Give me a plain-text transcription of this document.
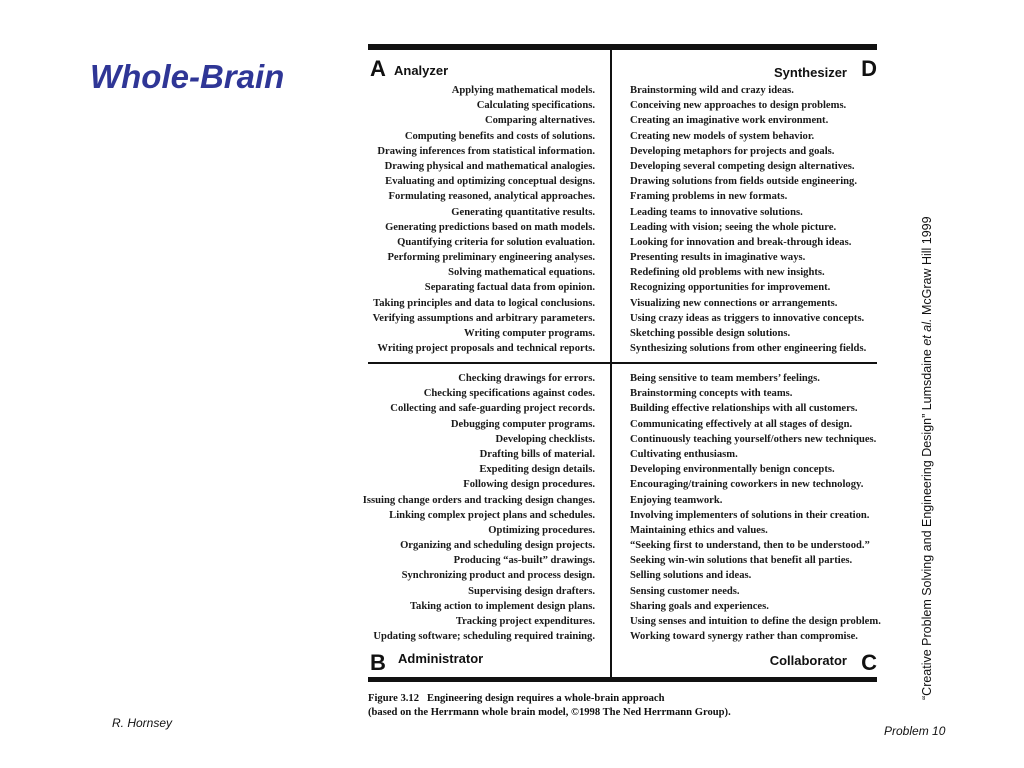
Whole-Brain	A Analyzer	Synthesizer D
Applying mathematical models.
Calculating specifications.
Comparing alternatives.
Computing benefits and costs of solutions.
Drawing inferences from statistical information.
Drawing physical and mathematical analogies.
Evaluating and optimizing conceptual designs.
Formulating reasoned, analytical approaches.
Generating quantitative results.
Generating predictions based on math models.
Quantifying criteria for solution evaluation.
Performing preliminary engineering analyses.
Solving mathematical equations.
Separating factual data from opinion.
Taking principles and data to logical conclusions.
Verifying assumptions and arbitrary parameters.
Writing computer programs.
Writing project proposals and technical reports.
Brainstorming wild and crazy ideas.
Conceiving new approaches to design problems.
Creating an imaginative work environment.
Creating new models of system behavior.
Developing metaphors for projects and goals.
Developing several competing design alternatives.
Drawing solutions from fields outside engineering.
Framing problems in new formats.
Leading teams to innovative solutions.
Leading with vision; seeing the whole picture.
Looking for innovation and break-through ideas.
Presenting results in imaginative ways.
Redefining old problems with new insights.
Recognizing opportunities for improvement.
Visualizing new connections or arrangements.
Using crazy ideas as triggers to innovative concepts.
Sketching possible design solutions.
Synthesizing solutions from other engineering fields.
Checking drawings for errors.
Checking specifications against codes.
Collecting and safe-guarding project records.
Debugging computer programs.
Developing checklists.
Drafting bills of material.
Expediting design details.
Following design procedures.
Issuing change orders and tracking design changes.
Linking complex project plans and schedules.
Optimizing procedures.
Organizing and scheduling design projects.
Producing “as-built” drawings.
Synchronizing product and process design.
Supervising design drafters.
Taking action to implement design plans.
Tracking project expenditures.
Updating software; scheduling required training.
Being sensitive to team members’ feelings.
Brainstorming concepts with teams.
Building effective relationships with all customers.
Communicating effectively at all stages of design.
Continuously teaching yourself/others new techniques.
Cultivating enthusiasm.
Developing environmentally benign concepts.
Encouraging/training coworkers in new technology.
Enjoying teamwork.
Involving implementers of solutions in their creation.
Maintaining ethics and values.
“Seeking first to understand, then to be understood.”
Seeking win-win solutions that benefit all parties.
Selling solutions and ideas.
Sensing customer needs.
Sharing goals and experiences.
Using senses and intuition to define the design problem.
Working toward synergy rather than compromise.
B Administrator	Collaborator C
Figure 3.12 Engineering design requires a whole-brain approach
(based on the Herrmann whole brain model, ©1998 The Ned Herrmann Group).
“Creative Problem Solving and Engineering Design” Lumsdaine et al. McGraw Hill 1999
R. Hornsey
Problem 10
